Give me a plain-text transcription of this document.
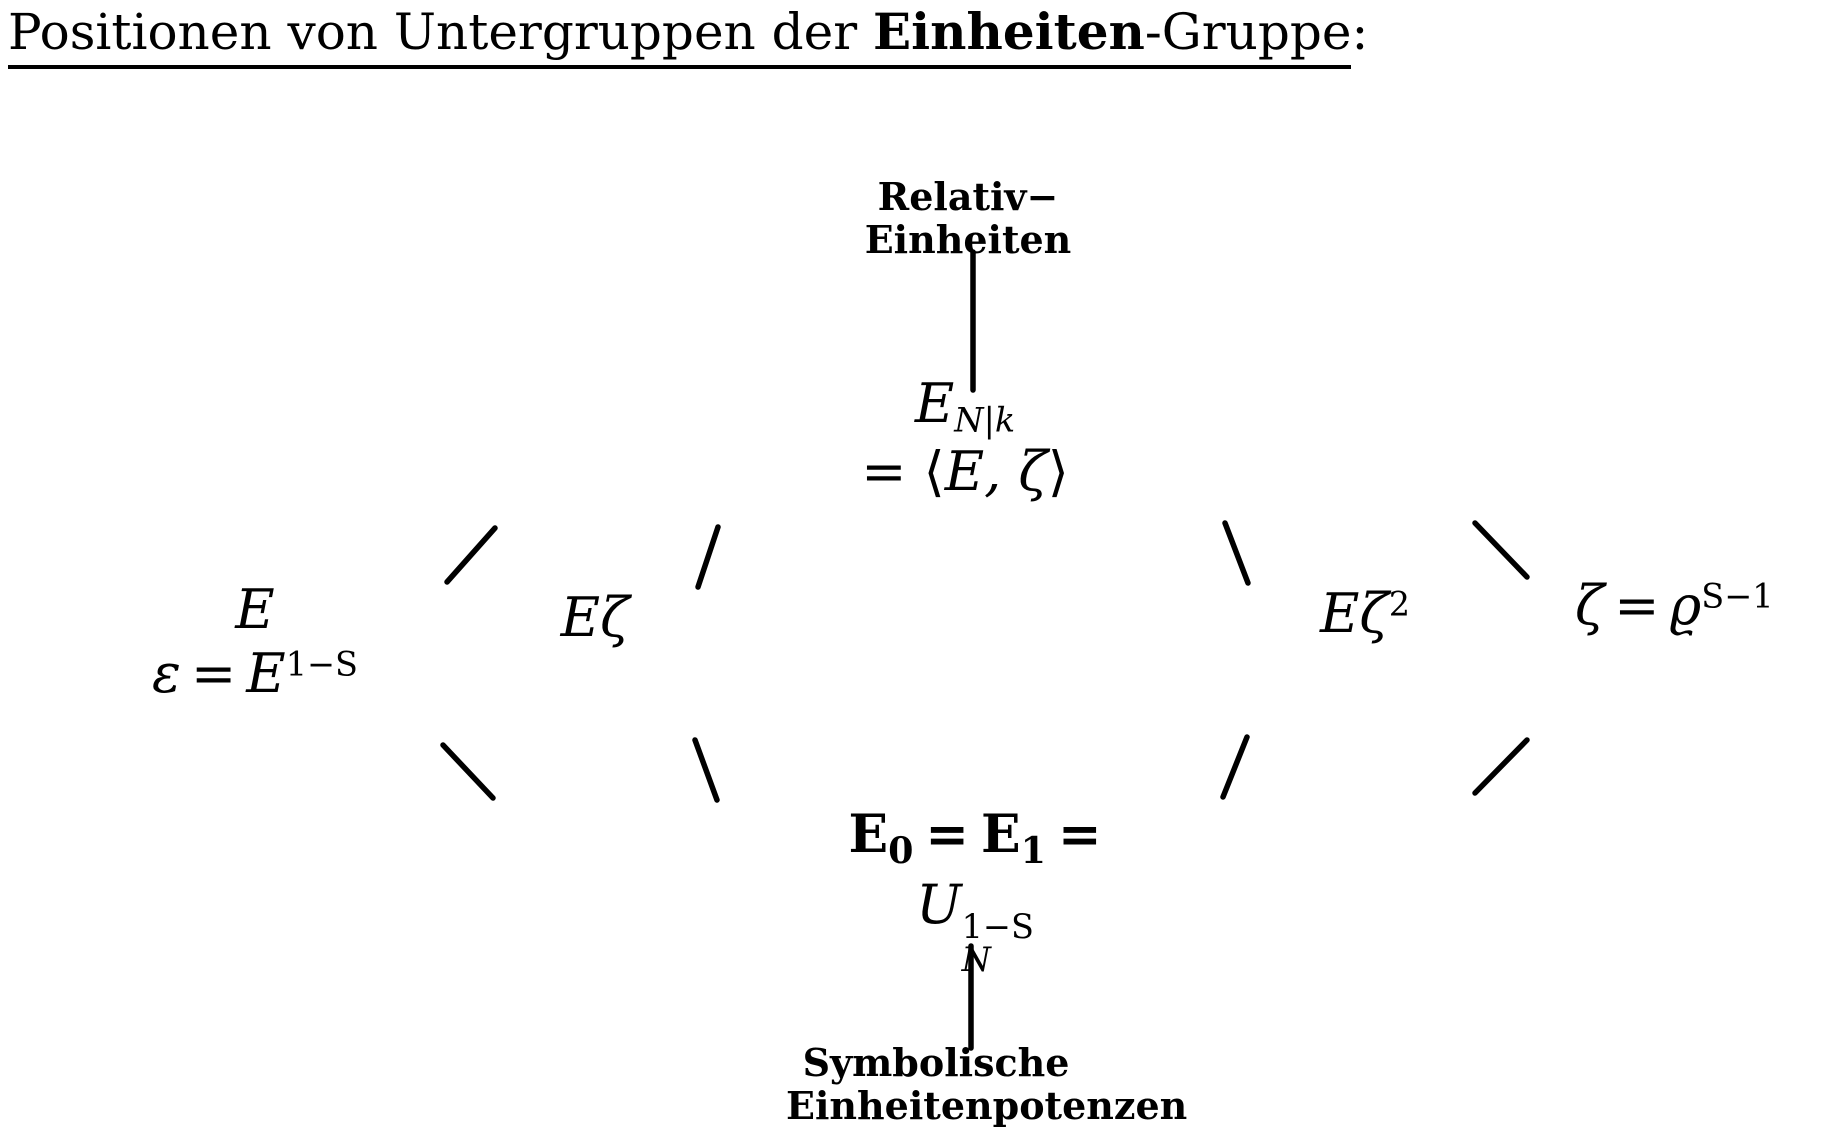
Positionen von Untergruppen der Einheiten-Gruppe:
Relativ−
Einheiten
EN|k
= ⟨E, ζ⟩
E
$\varepsilon = E^{1-S}$
Eζ	$E\zeta^2$	$\zeta = ϱ^{S-1}$
$E_0 = E_1$ =
U 1−S
N
Symbolische
Einheitenpotenzen
